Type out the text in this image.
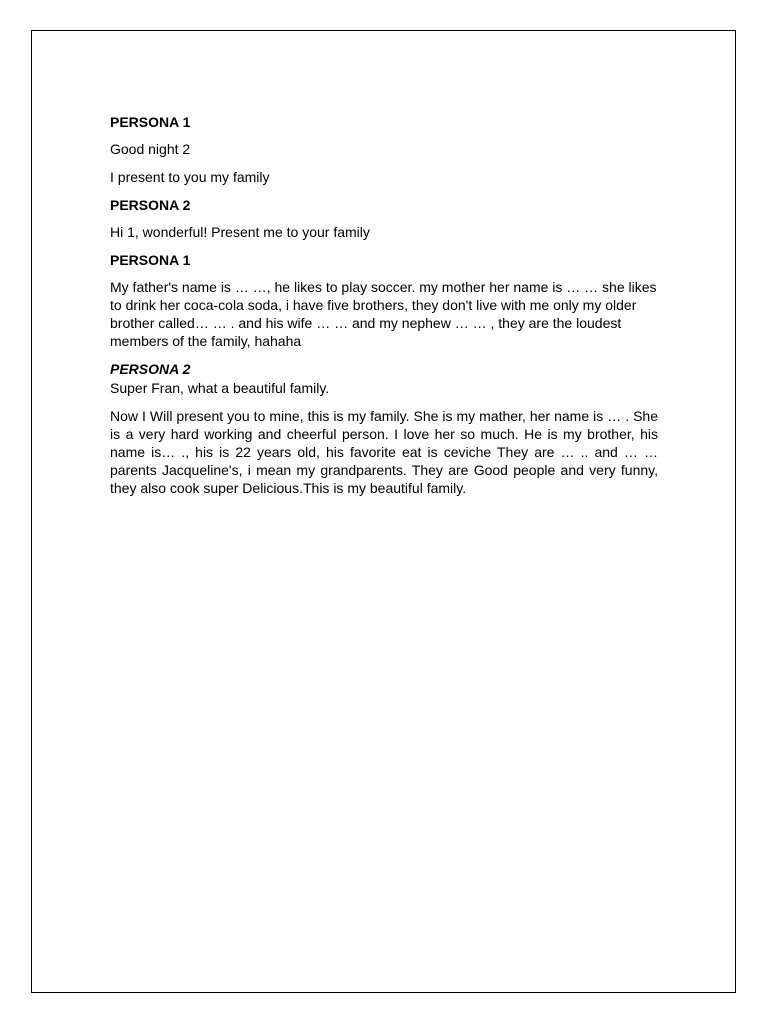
PERSONA 1
Good night 2
I present to you my family
PERSONA 2
Hi 1, wonderful! Present me to your family
PERSONA 1
My father's name is … …, he likes to play soccer. my mother her name is … … she likes to drink her coca-cola soda, i have five brothers, they don't live with me only my older brother called… … . and his wife … … and my nephew … … , they are the loudest members of the family, hahaha
PERSONA 2
Super Fran, what a beautiful family.
Now I Will present you to mine, this is my family. She is my mather, her name is … . She is a very hard working and cheerful person. I love her so much. He is my brother, his name is… ., his is 22 years old, his favorite eat is ceviche They are … .. and … … parents Jacqueline's, i mean my grandparents. They are Good people and very funny, they also cook super Delicious.This is my beautiful family.
